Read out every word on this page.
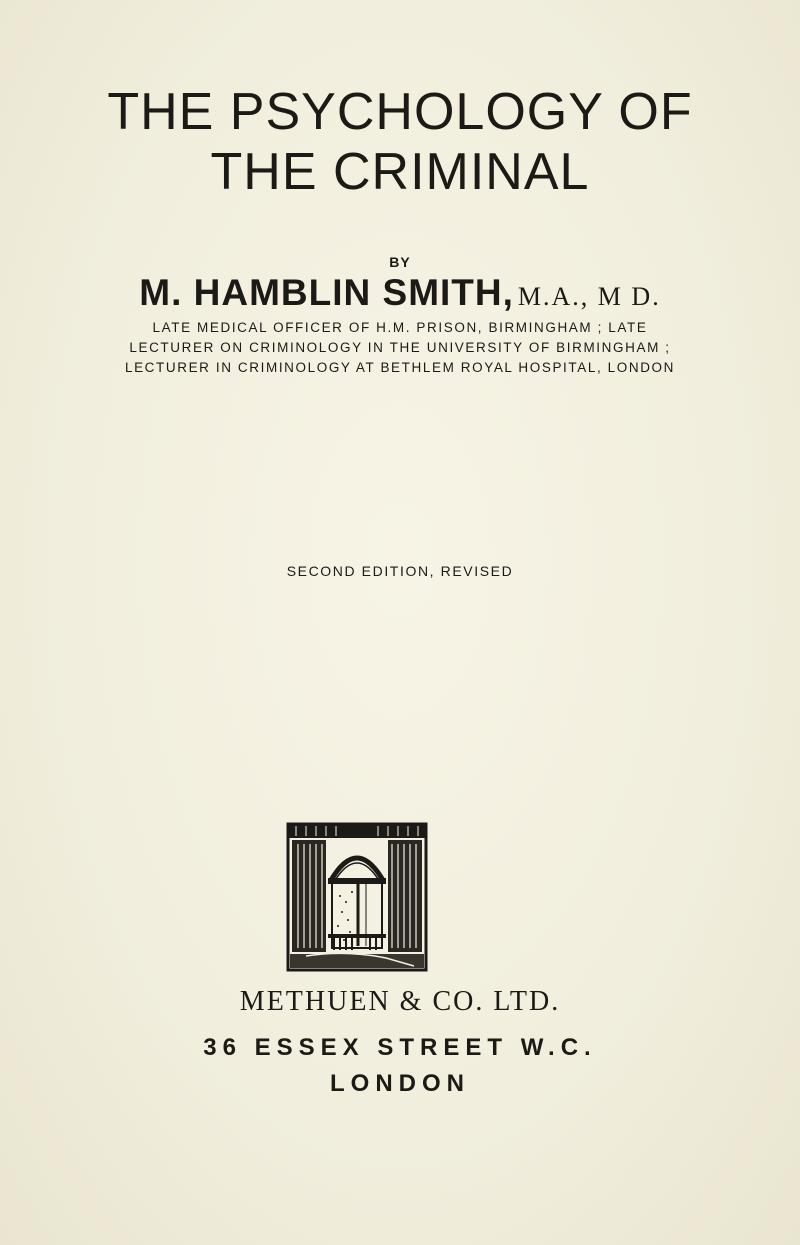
THE PSYCHOLOGY OF
THE CRIMINAL
BY
M. HAMBLIN SMITH, M.A., M D.
LATE MEDICAL OFFICER OF H.M. PRISON, BIRMINGHAM ; LATE
LECTURER ON CRIMINOLOGY IN THE UNIVERSITY OF BIRMINGHAM ;
LECTURER IN CRIMINOLOGY AT BETHLEM ROYAL HOSPITAL, LONDON
SECOND EDITION, REVISED
METHUEN & CO. LTD.
36 ESSEX STREET W.C.
LONDON
